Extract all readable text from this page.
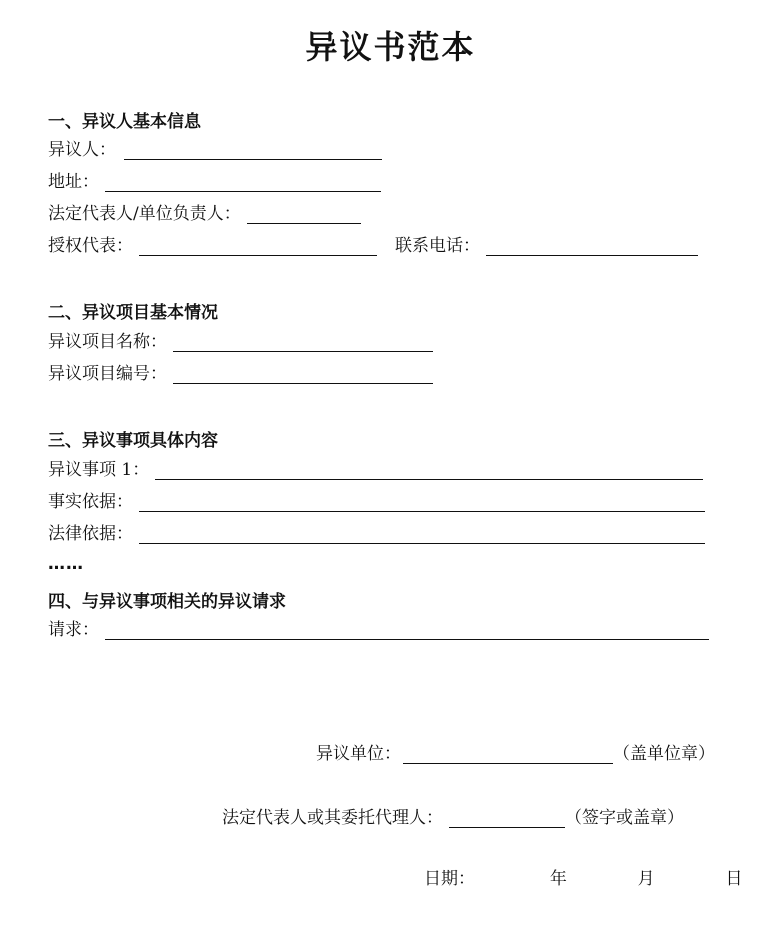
异议书范本
一、异议人基本信息
异议人：
地址：
法定代表人/单位负责人：
授权代表：	联系电话：
二、异议项目基本情况
异议项目名称：
异议项目编号：
三、异议事项具体内容
异议事项 1：
事实依据：
法律依据：
……
四、与异议事项相关的异议请求
请求：
异议单位：	（盖单位章）
法定代表人或其委托代理人：	（签字或盖章）
日期：	年	月	日
